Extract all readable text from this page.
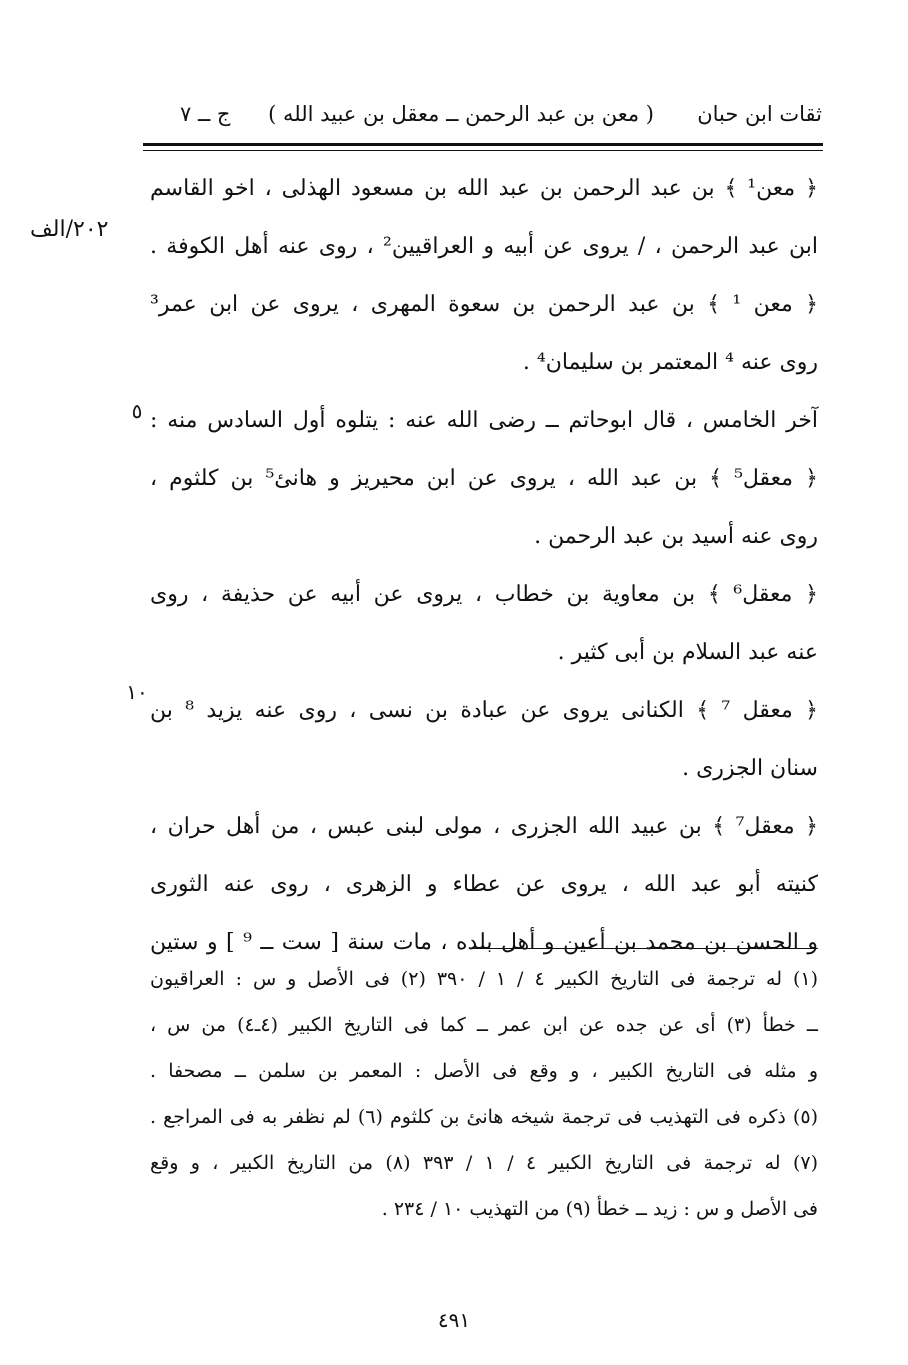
ثقات ابن حبان
( معن بن عبد الرحمن ــ معقل بن عبيد الله )
ج ــ ٧
٢٠٢/الف
٥
١٠
﴿ معن¹ ﴾ بن عبد الرحمن بن عبد الله بن مسعود الهذلى ، اخو القاسم
ابن عبد الرحمن ، / يروى عن أبيه و العراقيين² ، روى عنه أهل الكوفة .
﴿ معن ¹ ﴾ بن عبد الرحمن بن سعوة المهرى ، يروى عن ابن عمر³
روى عنه ⁴ المعتمر بن سليمان⁴ .
آخر الخامس ، قال ابوحاتم ــ رضى الله عنه : يتلوه أول السادس منه :
﴿ معقل⁵ ﴾ بن عبد الله ، يروى عن ابن محيريز و هانئ⁵ بن كلثوم ،
روى عنه أسيد بن عبد الرحمن .
﴿ معقل⁶ ﴾ بن معاوية بن خطاب ، يروى عن أبيه عن حذيفة ، روى
عنه عبد السلام بن أبى كثير .
﴿ معقل ⁷ ﴾ الكنانى يروى عن عبادة بن نسى ، روى عنه يزيد ⁸ بن
سنان الجزرى .
﴿ معقل⁷ ﴾ بن عبيد الله الجزرى ، مولى لبنى عبس ، من أهل حران ،
كنيته أبو عبد الله ، يروى عن عطاء و الزهرى ، روى عنه الثورى
و الحسن بن محمد بن أعين و أهل بلده ، مات سنة [ ست ــ ⁹ ] و ستين
(١) له ترجمة فى التاريخ الكبير ٤ / ١ / ٣٩٠ (٢) فى الأصل و س : العراقيون
ــ خطأ (٣) أى عن جده عن ابن عمر ــ كما فى التاريخ الكبير (٤ـ٤) من س ،
و مثله فى التاريخ الكبير ، و وقع فى الأصل : المعمر بن سلمن ــ مصحفا .
(٥) ذكره فى التهذيب فى ترجمة شيخه هانئ بن كلثوم (٦) لم نظفر به فى المراجع .
(٧) له ترجمة فى التاريخ الكبير ٤ / ١ / ٣٩٣ (٨) من التاريخ الكبير ، و وقع
فى الأصل و س : زيد ــ خطأ (٩) من التهذيب ١٠ / ٢٣٤ .
٤٩١
